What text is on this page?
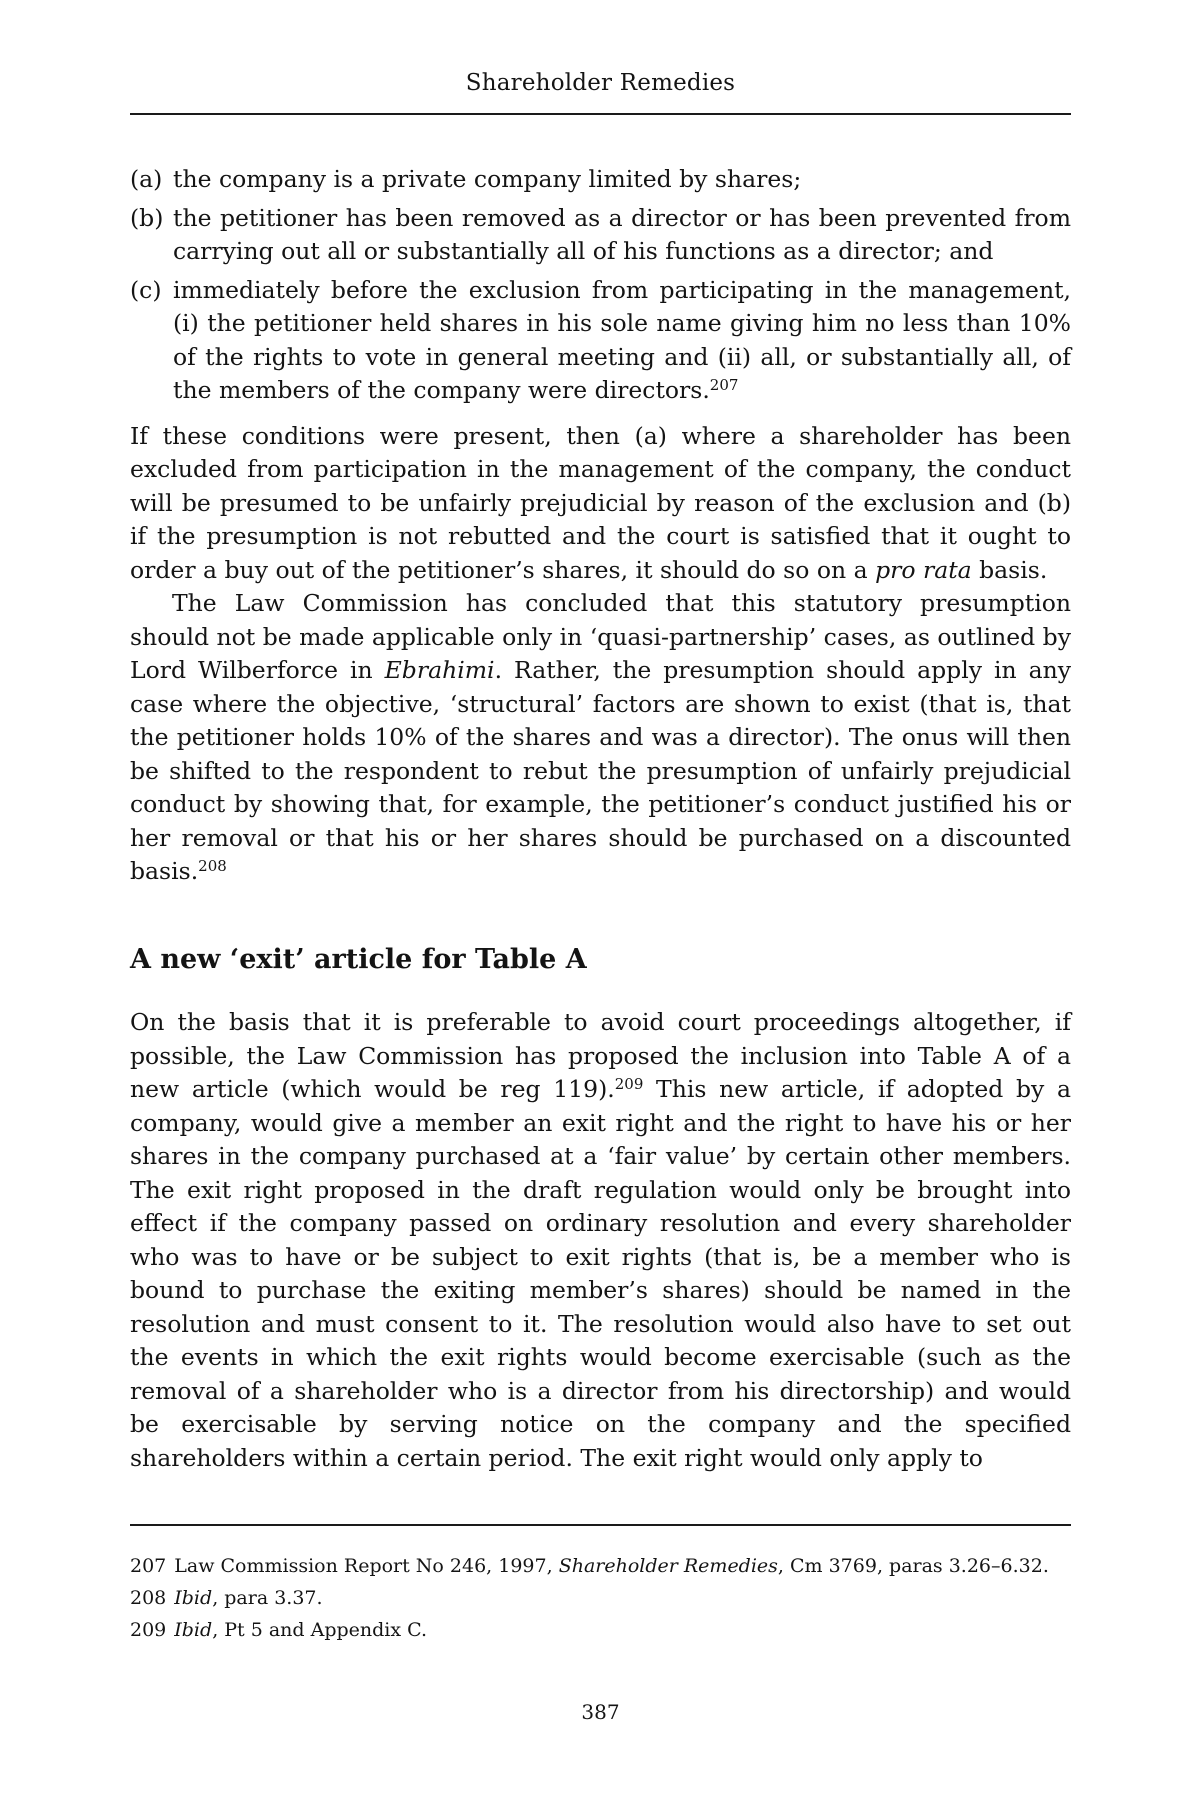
Shareholder Remedies
(a) the company is a private company limited by shares;
(b) the petitioner has been removed as a director or has been prevented from carrying out all or substantially all of his functions as a director; and
(c) immediately before the exclusion from participating in the management, (i) the petitioner held shares in his sole name giving him no less than 10% of the rights to vote in general meeting and (ii) all, or substantially all, of the members of the company were directors.$^{207}$

If these conditions were present, then (a) where a shareholder has been excluded from participation in the management of the company, the conduct will be presumed to be unfairly prejudicial by reason of the exclusion and (b) if the presumption is not rebutted and the court is satisfied that it ought to order a buy out of the petitioner’s shares, it should do so on a pro rata basis.

The Law Commission has concluded that this statutory presumption should not be made applicable only in ‘quasi-partnership’ cases, as outlined by Lord Wilberforce in Ebrahimi. Rather, the presumption should apply in any case where the objective, ‘structural’ factors are shown to exist (that is, that the petitioner holds 10% of the shares and was a director). The onus will then be shifted to the respondent to rebut the presumption of unfairly prejudicial conduct by showing that, for example, the petitioner’s conduct justified his or her removal or that his or her shares should be purchased on a discounted basis.$^{208}$

A new ‘exit’ article for Table A

On the basis that it is preferable to avoid court proceedings altogether, if possible, the Law Commission has proposed the inclusion into Table A of a new article (which would be reg 119).$^{209}$ This new article, if adopted by a company, would give a member an exit right and the right to have his or her shares in the company purchased at a ‘fair value’ by certain other members. The exit right proposed in the draft regulation would only be brought into effect if the company passed on ordinary resolution and every shareholder who was to have or be subject to exit rights (that is, be a member who is bound to purchase the exiting member’s shares) should be named in the resolution and must consent to it. The resolution would also have to set out the events in which the exit rights would become exercisable (such as the removal of a shareholder who is a director from his directorship) and would be exercisable by serving notice on the company and the specified shareholders within a certain period. The exit right would only apply to

207 Law Commission Report No 246, 1997, Shareholder Remedies, Cm 3769, paras 3.26–6.32.
208 Ibid, para 3.37.
209 Ibid, Pt 5 and Appendix C.
387
